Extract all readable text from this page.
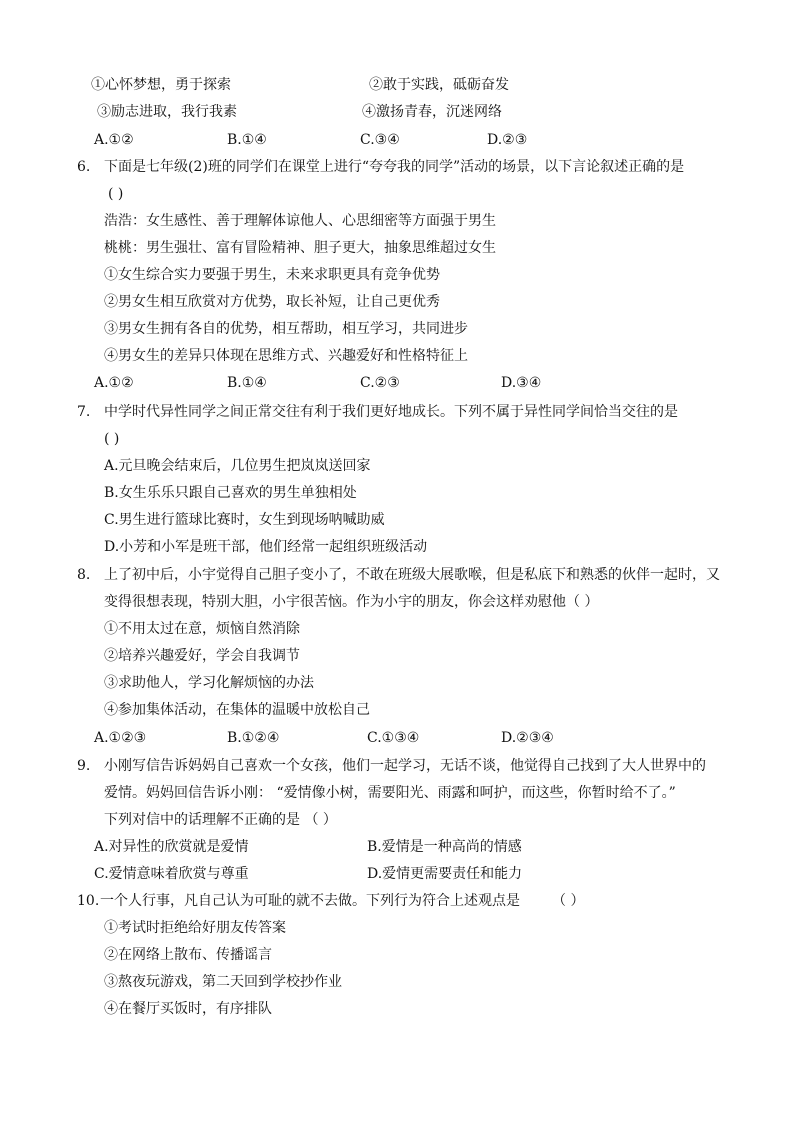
①心怀梦想，勇于探索	②敢于实践，砥砺奋发
③励志进取，我行我素	④激扬青春，沉迷网络
A.①②	B.①④	C.③④	D.②③
6. 下面是七年级(2)班的同学们在课堂上进行“夸夸我的同学”活动的场景，以下言论叙述正确的是
( )
浩浩：女生感性、善于理解体谅他人、心思细密等方面强于男生
桃桃：男生强壮、富有冒险精神、胆子更大，抽象思维超过女生
①女生综合实力要强于男生，未来求职更具有竞争优势
②男女生相互欣赏对方优势，取长补短，让自己更优秀
③男女生拥有各自的优势，相互帮助，相互学习，共同进步
④男女生的差异只体现在思维方式、兴趣爱好和性格特征上
A.①②	B.①④	C.②③	D.③④
7. 中学时代异性同学之间正常交往有利于我们更好地成长。下列不属于异性同学间恰当交往的是
( )
A.元旦晚会结束后，几位男生把岚岚送回家
B.女生乐乐只跟自己喜欢的男生单独相处
C.男生进行篮球比赛时，女生到现场呐喊助威
D.小芳和小军是班干部，他们经常一起组织班级活动
8. 上了初中后，小宇觉得自己胆子变小了，不敢在班级大展歌喉，但是私底下和熟悉的伙伴一起时，又
变得很想表现，特别大胆，小宇很苦恼。作为小宇的朋友，你会这样劝慰他（ ）
①不用太过在意，烦恼自然消除
②培养兴趣爱好，学会自我调节
③求助他人，学习化解烦恼的办法
④参加集体活动，在集体的温暖中放松自己
A.①②③	B.①②④	C.①③④	D.②③④
9. 小刚写信告诉妈妈自己喜欢一个女孩，他们一起学习，无话不谈，他觉得自己找到了大人世界中的
爱情。妈妈回信告诉小刚： “爱情像小树，需要阳光、雨露和呵护，而这些，你暂时给不了。”
下列对信中的话理解不正确的是 （ ）
A.对异性的欣赏就是爱情	B.爱情是一种高尚的情感
C.爱情意味着欣赏与尊重	D.爱情更需要责任和能力
10. 一个人行事，凡自己认为可耻的就不去做。下列行为符合上述观点是 （ ）
①考试时拒绝给好朋友传答案
②在网络上散布、传播谣言
③熬夜玩游戏，第二天回到学校抄作业
④在餐厅买饭时，有序排队
